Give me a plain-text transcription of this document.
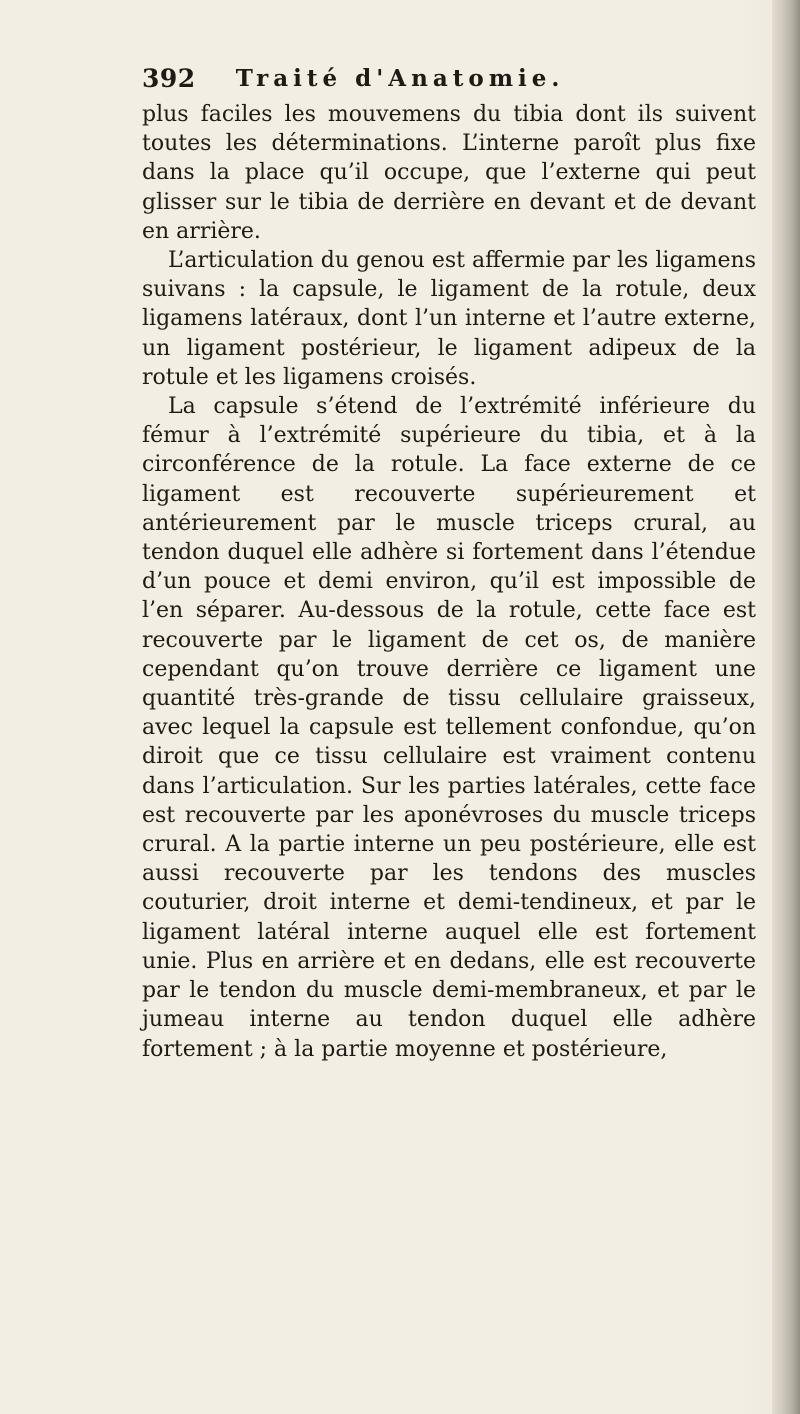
392 Traité d'Anatomie.

plus faciles les mouvemens du tibia dont ils suivent toutes les déterminations. L’interne paroît plus fixe dans la place qu’il occupe, que l’externe qui peut glisser sur le tibia de derrière en devant et de devant en arrière.

L’articulation du genou est affermie par les ligamens suivans : la capsule, le ligament de la rotule, deux ligamens latéraux, dont l’un interne et l’autre externe, un ligament postérieur, le ligament adipeux de la rotule et les ligamens croisés.

La capsule s’étend de l’extrémité inférieure du fémur à l’extrémité supérieure du tibia, et à la circonférence de la rotule. La face externe de ce ligament est recouverte supérieurement et antérieurement par le muscle triceps crural, au tendon duquel elle adhère si fortement dans l’étendue d’un pouce et demi environ, qu’il est impossible de l’en séparer. Au-dessous de la rotule, cette face est recouverte par le ligament de cet os, de manière cependant qu’on trouve derrière ce ligament une quantité très-grande de tissu cellulaire graisseux, avec lequel la capsule est tellement confondue, qu’on diroit que ce tissu cellulaire est vraiment contenu dans l’articulation. Sur les parties latérales, cette face est recouverte par les aponévroses du muscle triceps crural. A la partie interne un peu postérieure, elle est aussi recouverte par les tendons des muscles couturier, droit interne et demi-tendineux, et par le ligament latéral interne auquel elle est fortement unie. Plus en arrière et en dedans, elle est recouverte par le tendon du muscle demi-membraneux, et par le jumeau interne au tendon duquel elle adhère fortement ; à la partie moyenne et postérieure,
